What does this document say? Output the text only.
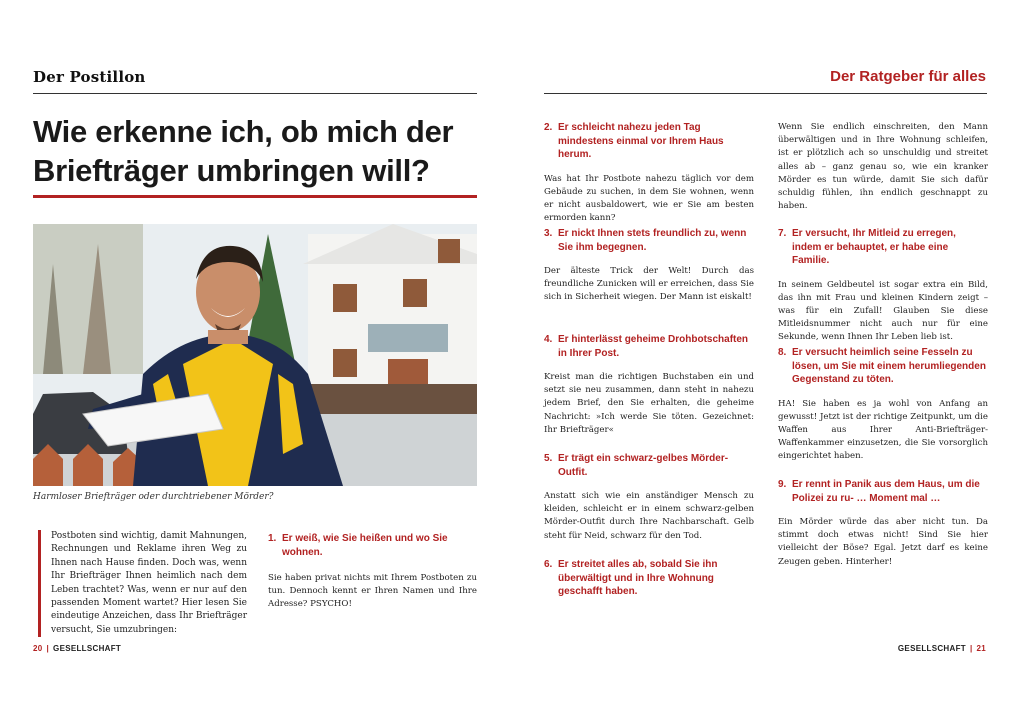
Der Postillon
Wie erkenne ich, ob mich der Briefträger umbringen will?
Harmloser Briefträger oder durchtriebener Mörder?
Postboten sind wichtig, damit Mahnungen, Rechnungen und Reklame ihren Weg zu Ihnen nach Hause finden. Doch was, wenn Ihr Briefträger Ihnen heimlich nach dem Leben trachtet? Was, wenn er nur auf den passenden Moment wartet? Hier lesen Sie eindeutige Anzeichen, dass Ihr Briefträger versucht, Sie umzubringen:
1. Er weiß, wie Sie heißen und wo Sie wohnen.
Sie haben privat nichts mit Ihrem Postboten zu tun. Dennoch kennt er Ihren Namen und Ihre Adresse? PSYCHO!
20 | GESELLSCHAFT
Der Ratgeber für alles
2. Er schleicht nahezu jeden Tag mindestens einmal vor Ihrem Haus herum.
Was hat Ihr Postbote nahezu täglich vor dem Gebäude zu suchen, in dem Sie wohnen, wenn er nicht ausbaldowert, wie er Sie am besten ermorden kann?
3. Er nickt Ihnen stets freundlich zu, wenn Sie ihm begegnen.
Der älteste Trick der Welt! Durch das freundliche Zunicken will er erreichen, dass Sie sich in Sicherheit wiegen. Der Mann ist eiskalt!
4. Er hinterlässt geheime Drohbotschaften in Ihrer Post.
Kreist man die richtigen Buchstaben ein und setzt sie neu zusammen, dann steht in nahezu jedem Brief, den Sie erhalten, die geheime Nachricht: »Ich werde Sie töten. Gezeichnet: Ihr Briefträger«
5. Er trägt ein schwarz-gelbes Mörder-Outfit.
Anstatt sich wie ein anständiger Mensch zu kleiden, schleicht er in einem schwarz-gelben Mörder-Outfit durch Ihre Nachbarschaft. Gelb steht für Neid, schwarz für den Tod.
6. Er streitet alles ab, sobald Sie ihn überwältigt und in Ihre Wohnung geschafft haben.
Wenn Sie endlich einschreiten, den Mann überwältigen und in Ihre Wohnung schleifen, ist er plötzlich ach so unschuldig und streitet alles ab – ganz genau so, wie ein kranker Mörder es tun würde, damit Sie sich dafür schuldig fühlen, ihn endlich geschnappt zu haben.
7. Er versucht, Ihr Mitleid zu erregen, indem er behauptet, er habe eine Familie.
In seinem Geldbeutel ist sogar extra ein Bild, das ihn mit Frau und kleinen Kindern zeigt – was für ein Zufall! Glauben Sie diese Mitleidsnummer nicht auch nur für eine Sekunde, wenn Ihnen Ihr Leben lieb ist.
8. Er versucht heimlich seine Fesseln zu lösen, um Sie mit einem herumliegenden Gegenstand zu töten.
HA! Sie haben es ja wohl von Anfang an gewusst! Jetzt ist der richtige Zeitpunkt, um die Waffen aus Ihrer Anti-Briefträger-Waffenkammer einzusetzen, die Sie vorsorglich eingerichtet haben.
9. Er rennt in Panik aus dem Haus, um die Polizei zu ru- … Moment mal …
Ein Mörder würde das aber nicht tun. Da stimmt doch etwas nicht! Sind Sie hier vielleicht der Böse? Egal. Jetzt darf es keine Zeugen geben. Hinterher!
GESELLSCHAFT | 21
